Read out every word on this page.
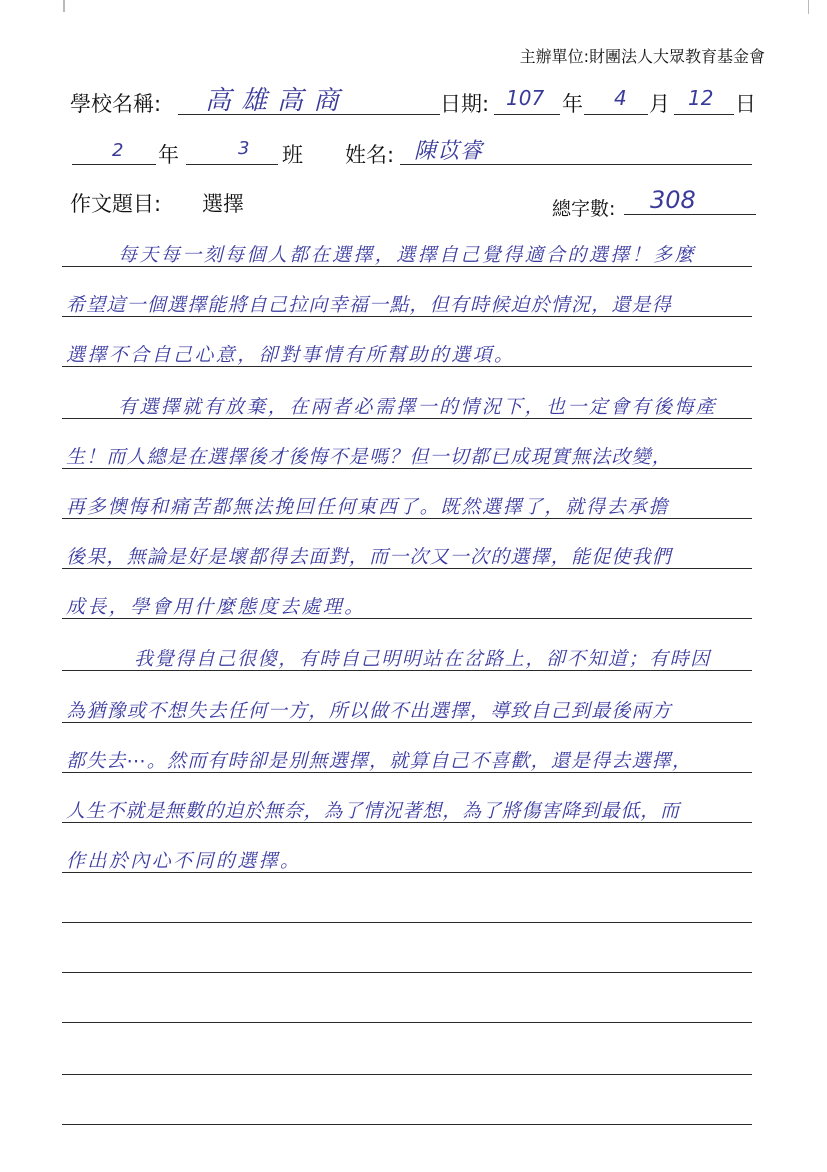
主辦單位:財團法人大眾教育基金會
學校名稱: 高雄高商	日期: 107 年 4 月 12 日
2 年	3 班 姓名: 陳苡睿
作文題目: 選擇	總字數: 308
每天每一刻每個人都在選擇，選擇自己覺得適合的選擇！多麼
希望這一個選擇能將自己拉向幸福一點，但有時候迫於情況，還是得
選擇不合自己心意，卻對事情有所幫助的選項。
有選擇就有放棄，在兩者必需擇一的情況下，也一定會有後悔產
生！而人總是在選擇後才後悔不是嗎？但一切都已成現實無法改變，
再多懊悔和痛苦都無法挽回任何東西了。既然選擇了，就得去承擔
後果，無論是好是壞都得去面對，而一次又一次的選擇，能促使我們
成長，學會用什麼態度去處理。
我覺得自己很傻，有時自己明明站在岔路上，卻不知道；有時因
為猶豫或不想失去任何一方，所以做不出選擇，導致自己到最後兩方
都失去⋯。然而有時卻是別無選擇，就算自己不喜歡，還是得去選擇，
人生不就是無數的迫於無奈，為了情況著想，為了將傷害降到最低，而
作出於內心不同的選擇。
